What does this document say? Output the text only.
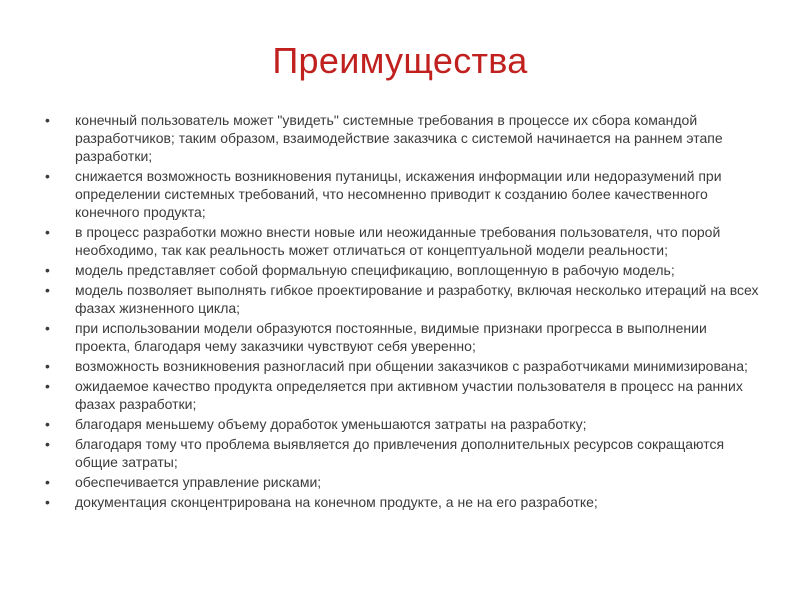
Преимущества
• конечный пользователь может "увидеть" системные требования в процессе их сбора командой разработчиков; таким образом, взаимодействие заказчика с системой начинается на раннем этапе разработки;
• снижается возможность возникновения путаницы, искажения информации или недоразумений при определении системных требований, что несомненно приводит к созданию более качественного конечного продукта;
• в процесс разработки можно внести новые или неожиданные требования пользователя, что порой необходимо, так как реальность может отличаться от концептуальной модели реальности;
• модель представляет собой формальную спецификацию, воплощенную в рабочую модель;
• модель позволяет выполнять гибкое проектирование и разработку, включая несколько итераций на всех фазах жизненного цикла;
• при использовании модели образуются постоянные, видимые признаки прогресса в выполнении проекта, благодаря чему заказчики чувствуют себя уверенно;
• возможность возникновения разногласий при общении заказчиков с разработчиками минимизирована;
• ожидаемое качество продукта определяется при активном участии пользователя в процесс на ранних фазах разработки;
• благодаря меньшему объему доработок уменьшаются затраты на разработку;
• благодаря тому что проблема выявляется до привлечения дополнительных ресурсов сокращаются общие затраты;
• обеспечивается управление рисками;
• документация сконцентрирована на конечном продукте, а не на его разработке;
